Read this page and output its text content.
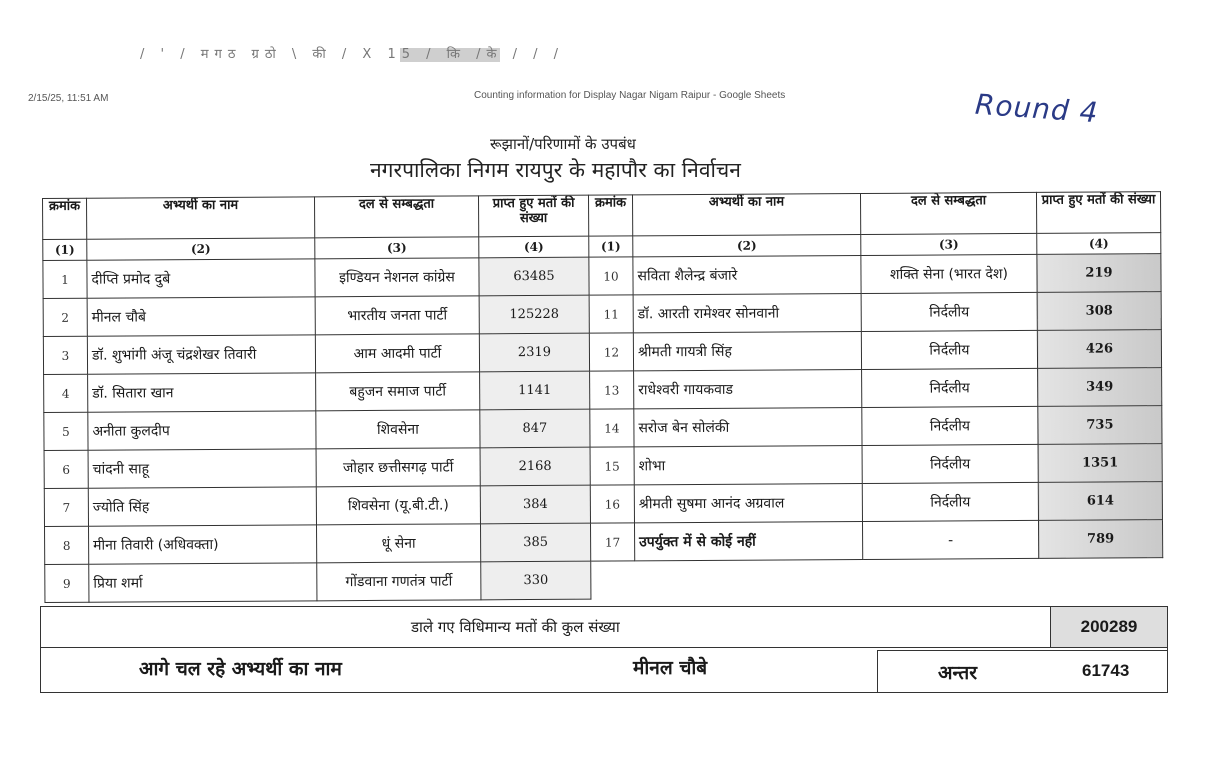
/ ' / मगठ ग्रठो \ की / X 15 / कि /के / / /
2/15/25, 11:51 AM	Counting information for Display Nagar Nigam Raipur - Google Sheets	Round 4
रूझानों/परिणामों के उपबंध
नगरपालिका निगम रायपुर के महापौर का निर्वाचन
क्रमांक	अभ्यर्थी का नाम	दल से सम्बद्धता	प्राप्त हुए मतों की संख्या	क्रमांक	अभ्यर्थी का नाम	दल से सम्बद्धता	प्राप्त हुए मतों की संख्या
(1)	(2)	(3)	(4)	(1)	(2)	(3)	(4)
1	दीप्ति प्रमोद दुबे	इण्डियन नेशनल कांग्रेस	63485	10	सविता शैलेन्द्र बंजारे	शक्ति सेना (भारत देश)	219
2	मीनल चौबे	भारतीय जनता पार्टी	125228	11	डॉ. आरती रामेश्वर सोनवानी	निर्दलीय	308
3	डॉ. शुभांगी अंजू चंद्रशेखर तिवारी	आम आदमी पार्टी	2319	12	श्रीमती गायत्री सिंह	निर्दलीय	426
4	डॉ. सितारा खान	बहुजन समाज पार्टी	1141	13	राधेश्वरी गायकवाड	निर्दलीय	349
5	अनीता कुलदीप	शिवसेना	847	14	सरोज बेन सोलंकी	निर्दलीय	735
6	चांदनी साहू	जोहार छत्तीसगढ़ पार्टी	2168	15	शोभा	निर्दलीय	1351
7	ज्योति सिंह	शिवसेना (यू.बी.टी.)	384	16	श्रीमती सुषमा आनंद अग्रवाल	निर्दलीय	614
8	मीना तिवारी (अधिवक्ता)	धूं सेना	385	17	उपर्युक्त में से कोई नहीं	-	789
9	प्रिया शर्मा	गोंडवाना गणतंत्र पार्टी	330				
डाले गए विधिमान्य मतों की कुल संख्या	200289
आगे चल रहे अभ्यर्थी का नाम	मीनल चौबे	अन्तर	61743
